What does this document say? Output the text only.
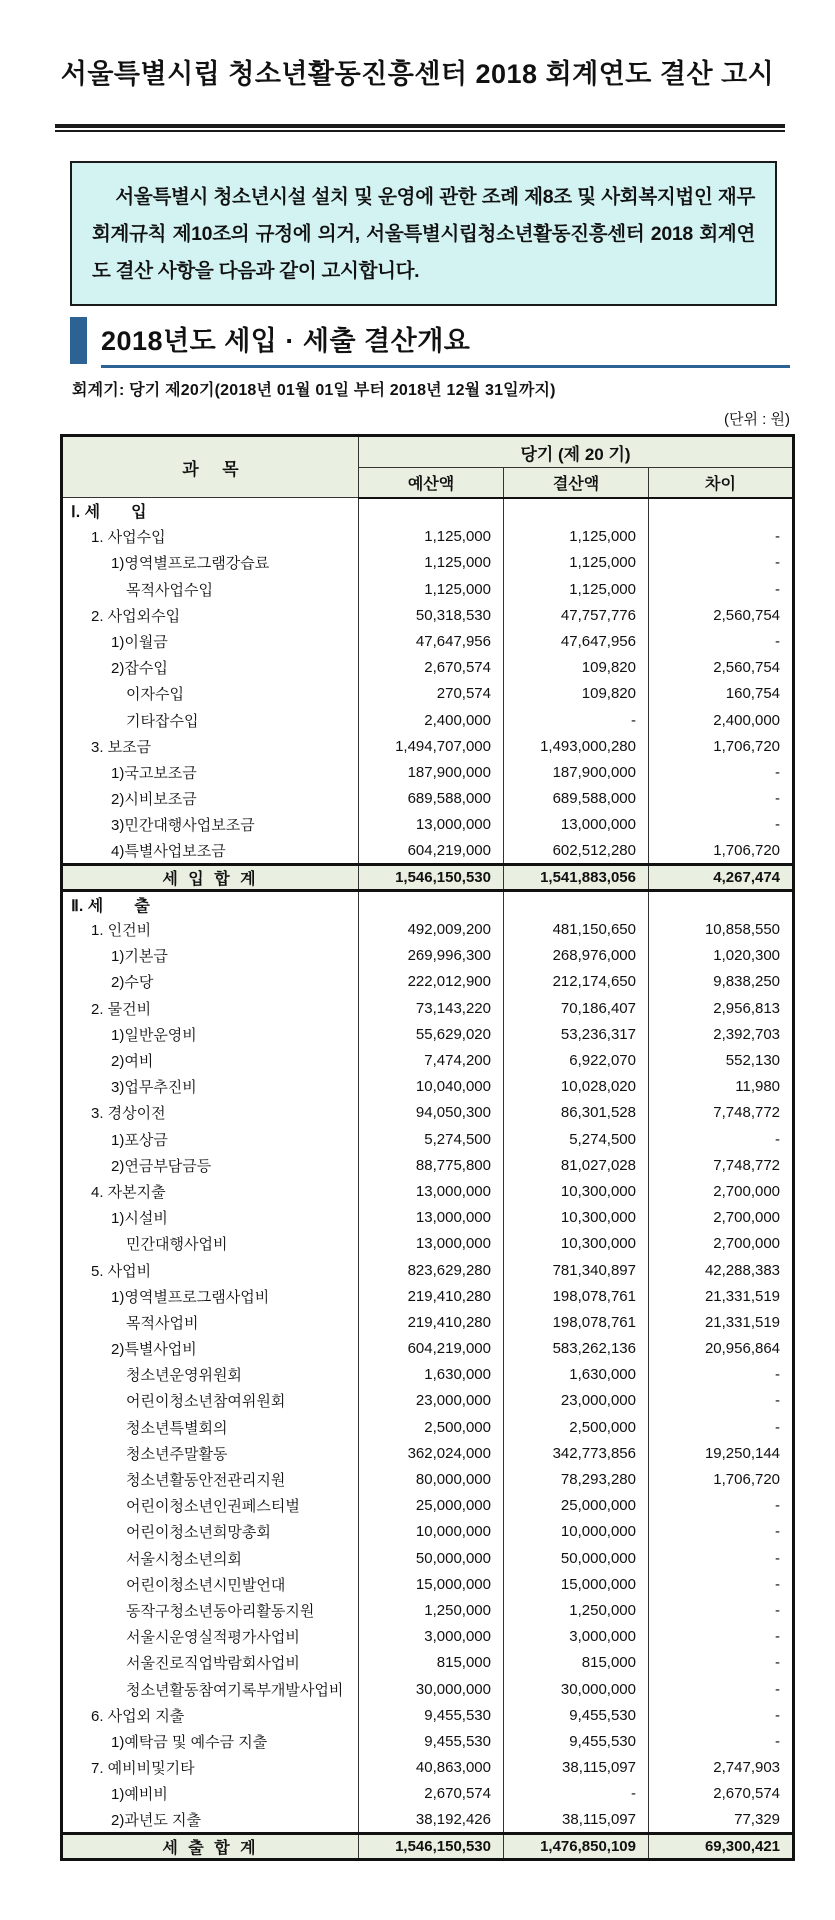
서울특별시립 청소년활동진흥센터 2018 회계연도 결산 고시

서울특별시 청소년시설 설치 및 운영에 관한 조례 제8조 및 사회복지법인 재무회계규칙 제10조의 규정에 의거, 서울특별시립청소년활동진흥센터 2018 회계연도 결산 사항을 다음과 같이 고시합니다.

2018년도 세입 · 세출 결산개요
회계기: 당기 제20기(2018년 01월 01일 부터 2018년 12월 31일까지)
(단위 : 원)
과     목	당기 (제 20 기)		
	예산액	결산액	차이
Ⅰ. 세       입			
1. 사업수입	1,125,000	1,125,000	-
1)영역별프로그램강습료	1,125,000	1,125,000	-
목적사업수입	1,125,000	1,125,000	-
2. 사업외수입	50,318,530	47,757,776	2,560,754
1)이월금	47,647,956	47,647,956	-
2)잡수입	2,670,574	109,820	2,560,754
이자수입	270,574	109,820	160,754
기타잡수입	2,400,000	-	2,400,000
3. 보조금	1,494,707,000	1,493,000,280	1,706,720
1)국고보조금	187,900,000	187,900,000	-
2)시비보조금	689,588,000	689,588,000	-
3)민간대행사업보조금	13,000,000	13,000,000	-
4)특별사업보조금	604,219,000	602,512,280	1,706,720
세 입 합 계	1,546,150,530	1,541,883,056	4,267,474
Ⅱ. 세       출			
1. 인건비	492,009,200	481,150,650	10,858,550
1)기본급	269,996,300	268,976,000	1,020,300
2)수당	222,012,900	212,174,650	9,838,250
2. 물건비	73,143,220	70,186,407	2,956,813
1)일반운영비	55,629,020	53,236,317	2,392,703
2)여비	7,474,200	6,922,070	552,130
3)업무추진비	10,040,000	10,028,020	11,980
3. 경상이전	94,050,300	86,301,528	7,748,772
1)포상금	5,274,500	5,274,500	-
2)연금부담금등	88,775,800	81,027,028	7,748,772
4. 자본지출	13,000,000	10,300,000	2,700,000
1)시설비	13,000,000	10,300,000	2,700,000
민간대행사업비	13,000,000	10,300,000	2,700,000
5. 사업비	823,629,280	781,340,897	42,288,383
1)영역별프로그램사업비	219,410,280	198,078,761	21,331,519
목적사업비	219,410,280	198,078,761	21,331,519
2)특별사업비	604,219,000	583,262,136	20,956,864
청소년운영위원회	1,630,000	1,630,000	-
어린이청소년참여위원회	23,000,000	23,000,000	-
청소년특별회의	2,500,000	2,500,000	-
청소년주말활동	362,024,000	342,773,856	19,250,144
청소년활동안전관리지원	80,000,000	78,293,280	1,706,720
어린이청소년인권페스티벌	25,000,000	25,000,000	-
어린이청소년희망총회	10,000,000	10,000,000	-
서울시청소년의회	50,000,000	50,000,000	-
어린이청소년시민발언대	15,000,000	15,000,000	-
동작구청소년동아리활동지원	1,250,000	1,250,000	-
서울시운영실적평가사업비	3,000,000	3,000,000	-
서울진로직업박람회사업비	815,000	815,000	-
청소년활동참여기록부개발사업비	30,000,000	30,000,000	-
6. 사업외 지출	9,455,530	9,455,530	-
1)예탁금 및 예수금 지출	9,455,530	9,455,530	-
7. 예비비및기타	40,863,000	38,115,097	2,747,903
1)예비비	2,670,574	-	2,670,574
2)과년도 지출	38,192,426	38,115,097	77,329
세 출 합 계	1,546,150,530	1,476,850,109	69,300,421
